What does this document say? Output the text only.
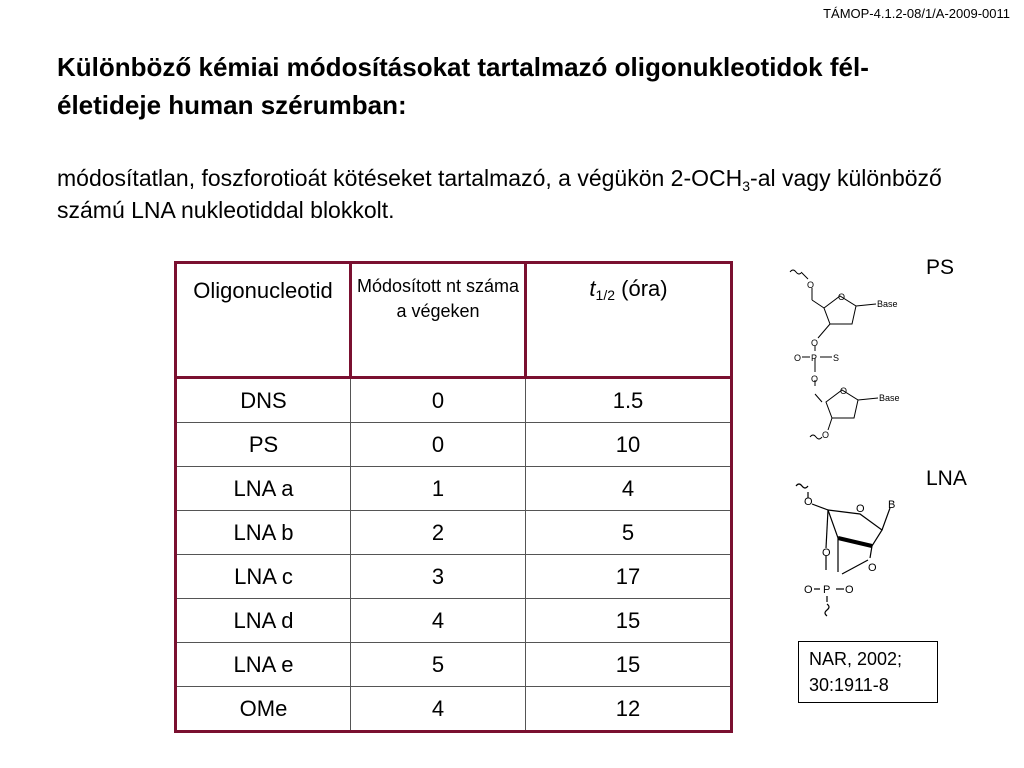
TÁMOP-4.1.2-08/1/A-2009-0011
Különböző kémiai módosításokat tartalmazó oligonukleotidok fél-életideje human szérumban:
módosítatlan, foszforotioát kötéseket tartalmazó, a végükön $2-OCH_3-al$ vagy különböző számú LNA nukleotiddal blokkolt.
Oligonucleotid	Módosított nt száma a végeken	$t_{1/2}$ (óra)
DNS	0	1.5
PS	0	10
LNA a	1	4
LNA b	2	5
LNA c	3	17
LNA d	4	15
LNA e	5	15
OMe	4	12
PS
LNA
O
O
Base
O
P
O	S
O
O
Base
O
O
O B
O
O
P
O	O
NAR, 2002;
30:1911-8
